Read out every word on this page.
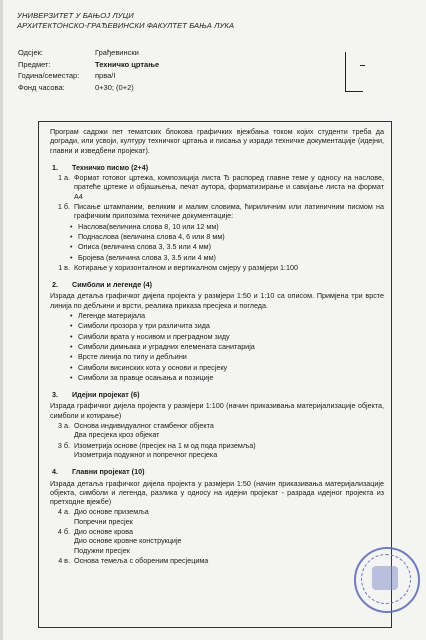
УНИВЕРЗИТЕТ У БАЊОЈ ЛУЦИ
АРХИТЕКТОНСКО-ГРАЂЕВИНСКИ ФАКУЛТЕТ БАЊА ЛУКА
Одсјек:	Грађевински
Предмет:	Техничко цртање
Година/семестар:	прва/I
Фонд часова:	0+30; (0+2)
Програм садржи пет тематских блокова графичких вјежбања током којих студенти треба да догради, или усвоји, културу техничког цртања и писања у изради техничке документације (идејни, главни и изведбени пројекат).
1.	Техничко писмо (2+4)
1 а. Формат готовог цртежа, композиција листа Ђ распоред главне теме у односу на наслове, пратеће цртеже и објашњења, печат аутора, форматизирање и савијање листа на формат А4
1 б. Писање штампаним, великим и малим словима, ћириличним или латиничним писмом на графичким прилозима техничке документације:
• Наслова(величина слова 8, 10 или 12 мм)
• Поднаслова (величина слова 4, 6 или 8 мм)
• Описа (величина слова 3, 3.5 или 4 мм)
• Бројева (величина слова 3, 3.5 или 4 мм)
1 в. Котирање у хоризонталном и вертикалном смјеру у размјери 1:100
2.	Симболи и легенде (4)
Израда детаља графичког дијела пројекта у размјери 1:50 и 1:10 са описом. Примјена три врсте линија по дебљини и врсти, реалика приказа пресјека и погледа.
• Легенде материјала
• Симболи прозора у три различита зида
• Симболи врата у носивом и преградном зиду
• Симболи димњака и уградних елемената санитарија
• Врсте линија по типу и дебљини
• Симболи висинских кота у основи и пресјеку
• Симболи за правце осањања и позиције
3.	Идејни пројекат (6)
Израда графичког дијела пројекта у размјери 1:100 (начин приказивања материјализације објекта, симболи и котирање)
3 а. Основа индивидуалног стамбеног објекта
Два пресјека кроз објекат
3 б. Изометрија основе (пресјек на 1 м од пода приземља)
Изометрија подужног и попречног пресјека
4.	Главни пројекат (10)
Израда детаља графичког дијела пројекта у размјери 1:50 (начин приказивања материјализације објекта, симболи и легенда, разлика у односу на идејни пројекат - разрада идејног пројекта из претходне вјежбе)
4 а. Дио основе приземља
Попречни пресјек
4 б. Дио основе крова
Дио основе кровне конструкције
Подужни пресјек
4 в. Основа темеља с обореним пресјецима
